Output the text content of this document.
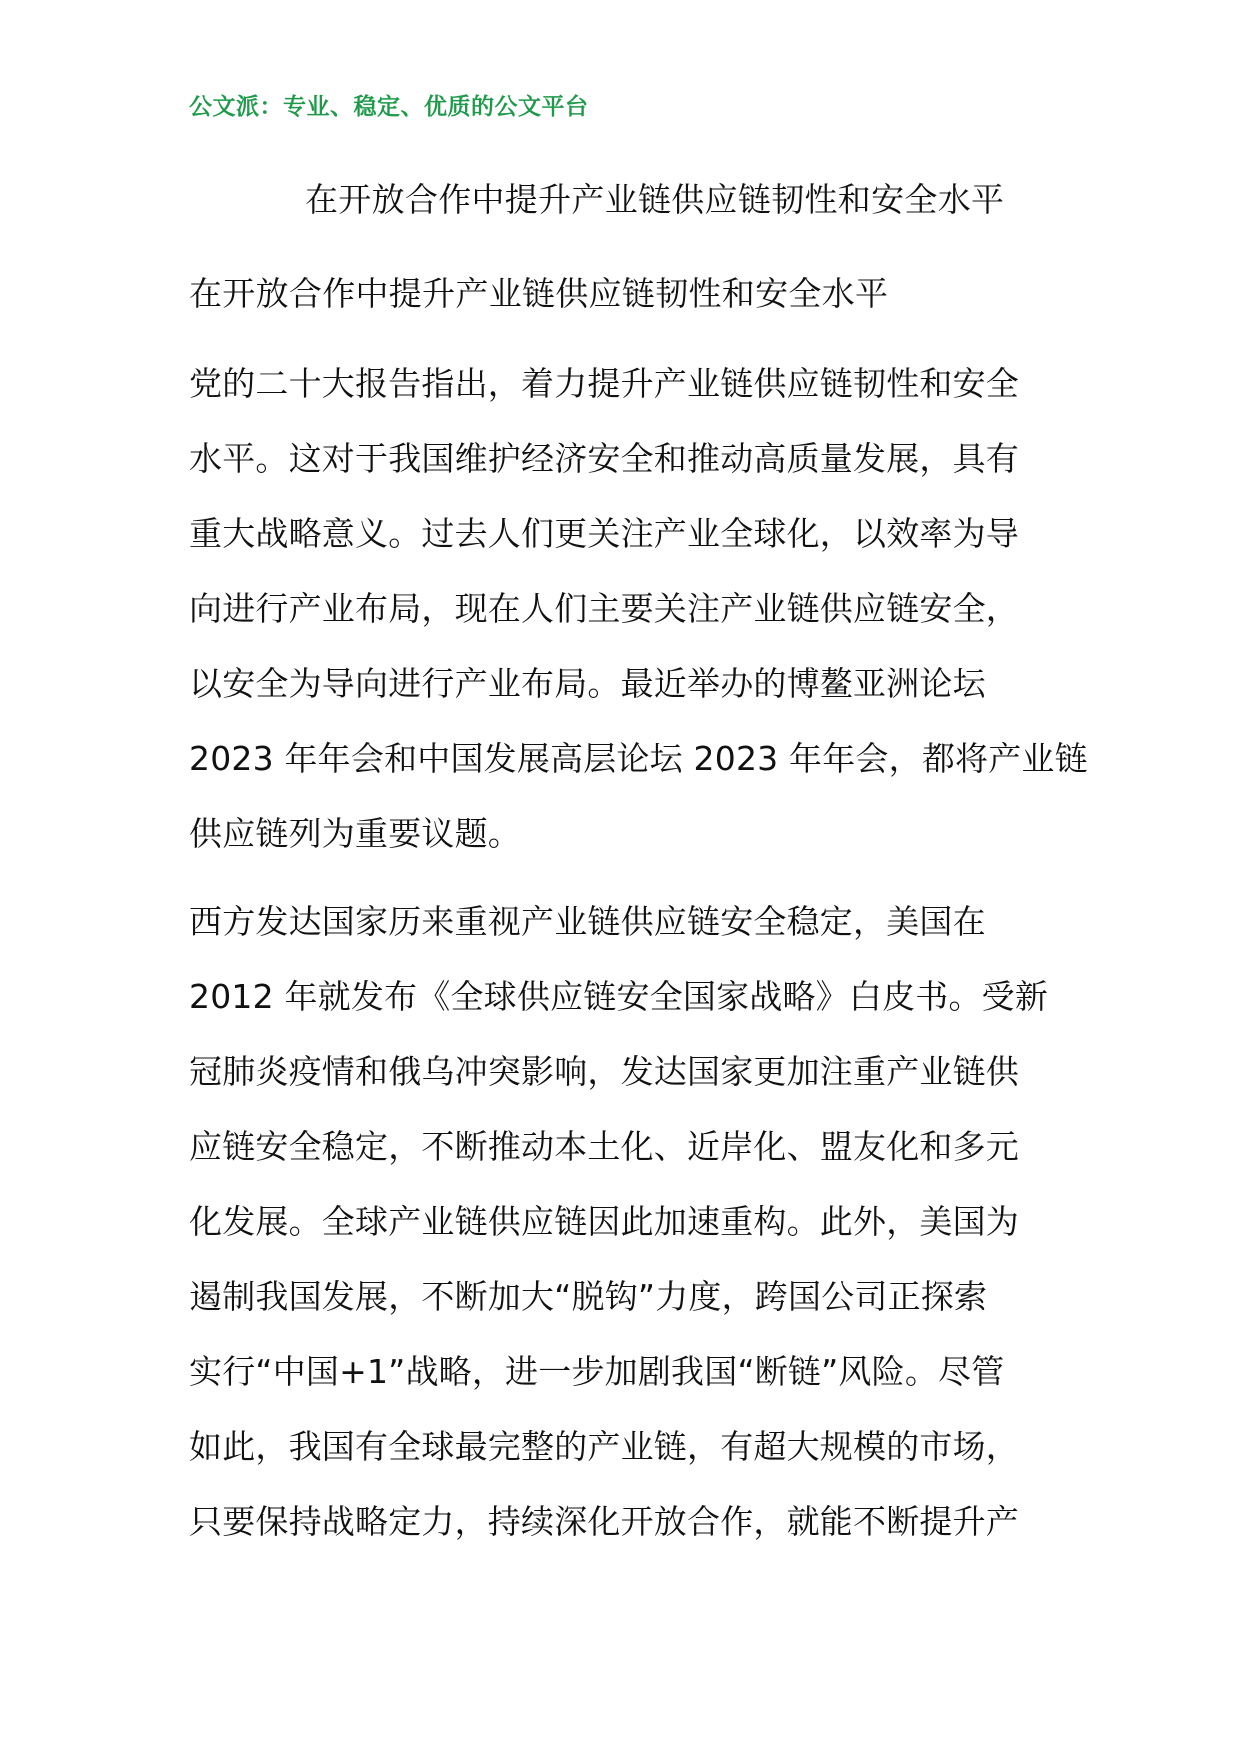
公文派：专业、稳定、优质的公文平台
在开放合作中提升产业链供应链韧性和安全水平
在开放合作中提升产业链供应链韧性和安全水平
党的二十大报告指出，着力提升产业链供应链韧性和安全
水平。这对于我国维护经济安全和推动高质量发展，具有
重大战略意义。过去人们更关注产业全球化，以效率为导
向进行产业布局，现在人们主要关注产业链供应链安全，
以安全为导向进行产业布局。最近举办的博鳌亚洲论坛
2023 年年会和中国发展高层论坛 2023 年年会，都将产业链
供应链列为重要议题。
西方发达国家历来重视产业链供应链安全稳定，美国在
2012 年就发布《全球供应链安全国家战略》白皮书。受新
冠肺炎疫情和俄乌冲突影响，发达国家更加注重产业链供
应链安全稳定，不断推动本土化、近岸化、盟友化和多元
化发展。全球产业链供应链因此加速重构。此外，美国为
遏制我国发展，不断加大“脱钩”力度，跨国公司正探索
实行“中国+1”战略，进一步加剧我国“断链”风险。尽管
如此，我国有全球最完整的产业链，有超大规模的市场，
只要保持战略定力，持续深化开放合作，就能不断提升产
